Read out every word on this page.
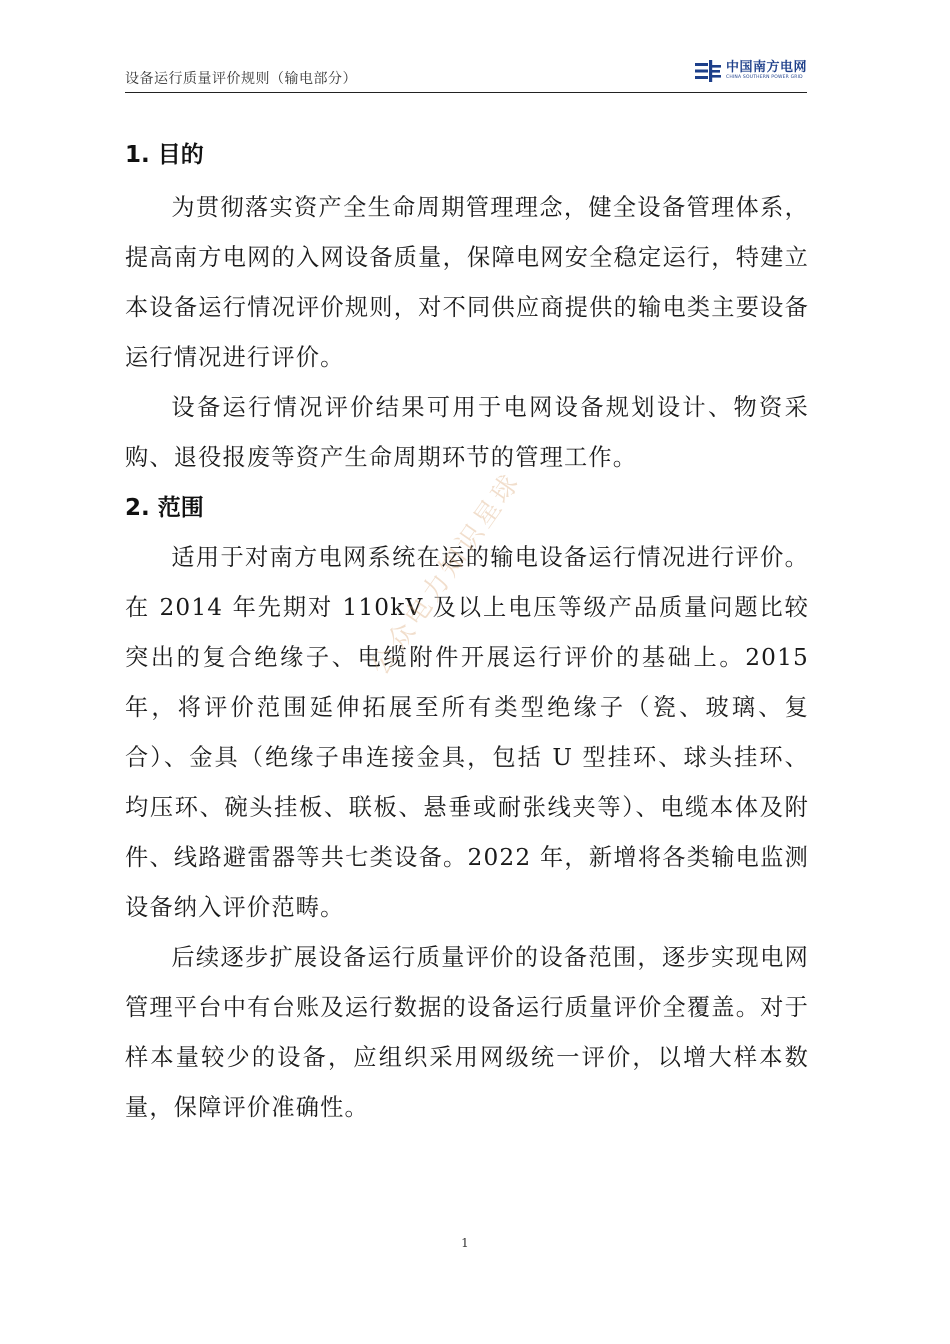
设备运行质量评价规则（输电部分）
中国南方电网
CHINA SOUTHERN POWER GRID
1. 目的

为贯彻落实资产全生命周期管理理念，健全设备管理体系，提高南方电网的入网设备质量，保障电网安全稳定运行，特建立本设备运行情况评价规则，对不同供应商提供的输电类主要设备运行情况进行评价。

设备运行情况评价结果可用于电网设备规划设计、物资采购、退役报废等资产生命周期环节的管理工作。

2. 范围

适用于对南方电网系统在运的输电设备运行情况进行评价。在 2014 年先期对 110kV 及以上电压等级产品质量问题比较突出的复合绝缘子、电缆附件开展运行评价的基础上。2015 年，将评价范围延伸拓展至所有类型绝缘子（瓷、玻璃、复合）、金具（绝缘子串连接金具，包括 U 型挂环、球头挂环、均压环、碗头挂板、联板、悬垂或耐张线夹等）、电缆本体及附件、线路避雷器等共七类设备。2022 年，新增将各类输电监测设备纳入评价范畴。

后续逐步扩展设备运行质量评价的设备范围，逐步实现电网管理平台中有台账及运行数据的设备运行质量评价全覆盖。对于样本量较少的设备，应组织采用网级统一评价，以增大样本数量，保障评价准确性。

公众电力知识星球
1
